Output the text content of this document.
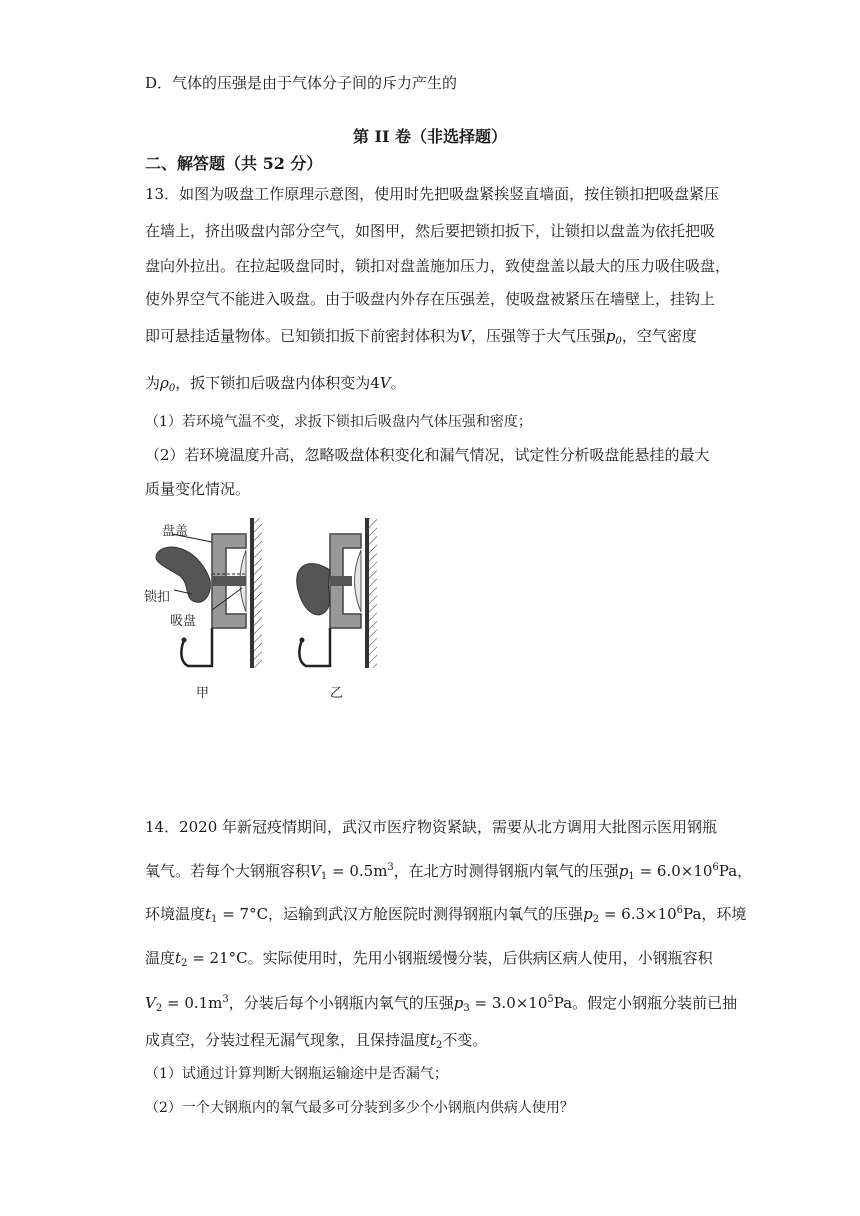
D．气体的压强是由于气体分子间的斥力产生的
第 II 卷（非选择题）
二、解答题（共 52 分）
13．如图为吸盘工作原理示意图，使用时先把吸盘紧挨竖直墙面，按住锁扣把吸盘紧压
在墙上，挤出吸盘内部分空气，如图甲，然后要把锁扣扳下，让锁扣以盘盖为依托把吸
盘向外拉出。在拉起吸盘同时，锁扣对盘盖施加压力，致使盘盖以最大的压力吸住吸盘，
使外界空气不能进入吸盘。由于吸盘内外存在压强差，使吸盘被紧压在墙壁上，挂钩上
即可悬挂适量物体。已知锁扣扳下前密封体积为V，压强等于大气压强$p_0$，空气密度
为$\rho_0$，扳下锁扣后吸盘内体积变为4V。
（1）若环境气温不变，求扳下锁扣后吸盘内气体压强和密度；
（2）若环境温度升高，忽略吸盘体积变化和漏气情况，试定性分析吸盘能悬挂的最大
质量变化情况。
盘盖
锁扣
吸盘
甲	乙
14．2020 年新冠疫情期间，武汉市医疗物资紧缺，需要从北方调用大批图示医用钢瓶
氧气。若每个大钢瓶容积$V_1 = 0.5m^3$，在北方时测得钢瓶内氧气的压强$p_1 = 6.0\times 10^6Pa$，
环境温度$t_1 = 7^\circ C$，运输到武汉方舱医院时测得钢瓶内氧气的压强$p_2 = 6.3\times 10^6Pa$，环境
温度$t_2 = 21^\circ C$。实际使用时，先用小钢瓶缓慢分装，后供病区病人使用，小钢瓶容积
$V_2 = 0.1m^3$，分装后每个小钢瓶内氧气的压强$p_3 = 3.0\times 10^5Pa$。假定小钢瓶分装前已抽
成真空，分装过程无漏气现象，且保持温度$t_2$不变。
（1）试通过计算判断大钢瓶运输途中是否漏气；
（2）一个大钢瓶内的氧气最多可分装到多少个小钢瓶内供病人使用？
